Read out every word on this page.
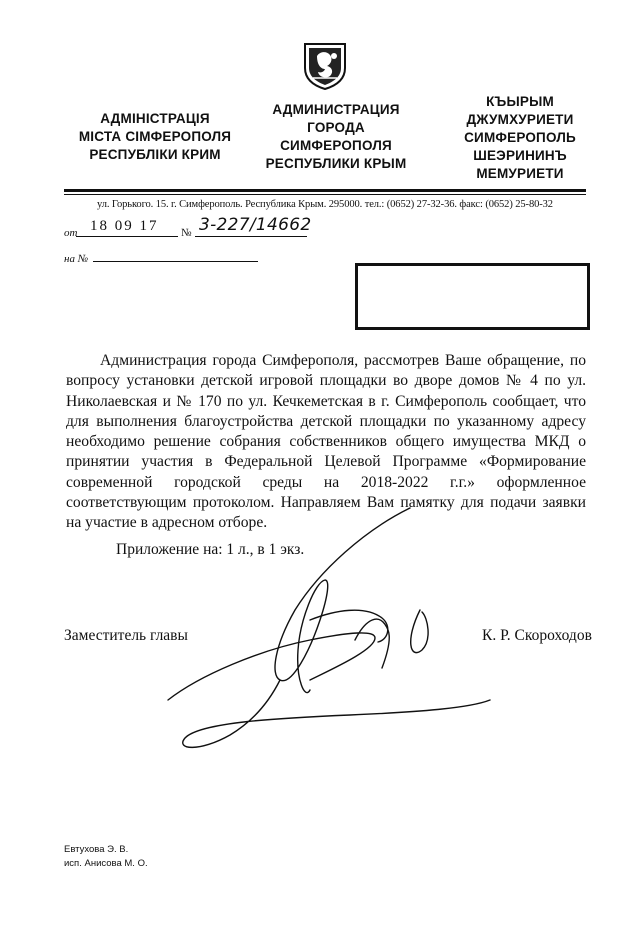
АДМІНІСТРАЦІЯ
МІСТА СІМФЕРОПОЛЯ
РЕСПУБЛІКИ КРИМ
АДМИНИСТРАЦИЯ
ГОРОДА
СИМФЕРОПОЛЯ
РЕСПУБЛИКИ КРЫМ
КЪЫРЫМ
ДЖУМХУРИЕТИ
СИМФЕРОПОЛЬ
ШЕЭРИНИНЪ
МЕМУРИЕТИ
ул. Горького. 15. г. Симферополь. Республика Крым. 295000. тел.: (0652) 27-32-36. факс: (0652) 25-80-32
от 18 09 17 № 3-227/14662
на №
Администрация города Симферополя, рассмотрев Ваше обращение, по вопросу установки детской игровой площадки во дворе домов № 4 по ул. Николаевская и № 170 по ул. Кечкеметская в г. Симферополь сообщает, что для выполнения благоустройства детской площадки по указанному адресу необходимо решение собрания собственников общего имущества МКД о принятии участия в Федеральной Целевой Программе «Формирование современной городской среды на 2018-2022 г.г.» оформленное соответствующим протоколом. Направляем Вам памятку для подачи заявки на участие в адресном отборе.
Приложение на: 1 л., в 1 экз.
Заместитель главы	К. Р. Скороходов
Евтухова Э. В.
исп. Анисова М. О.
